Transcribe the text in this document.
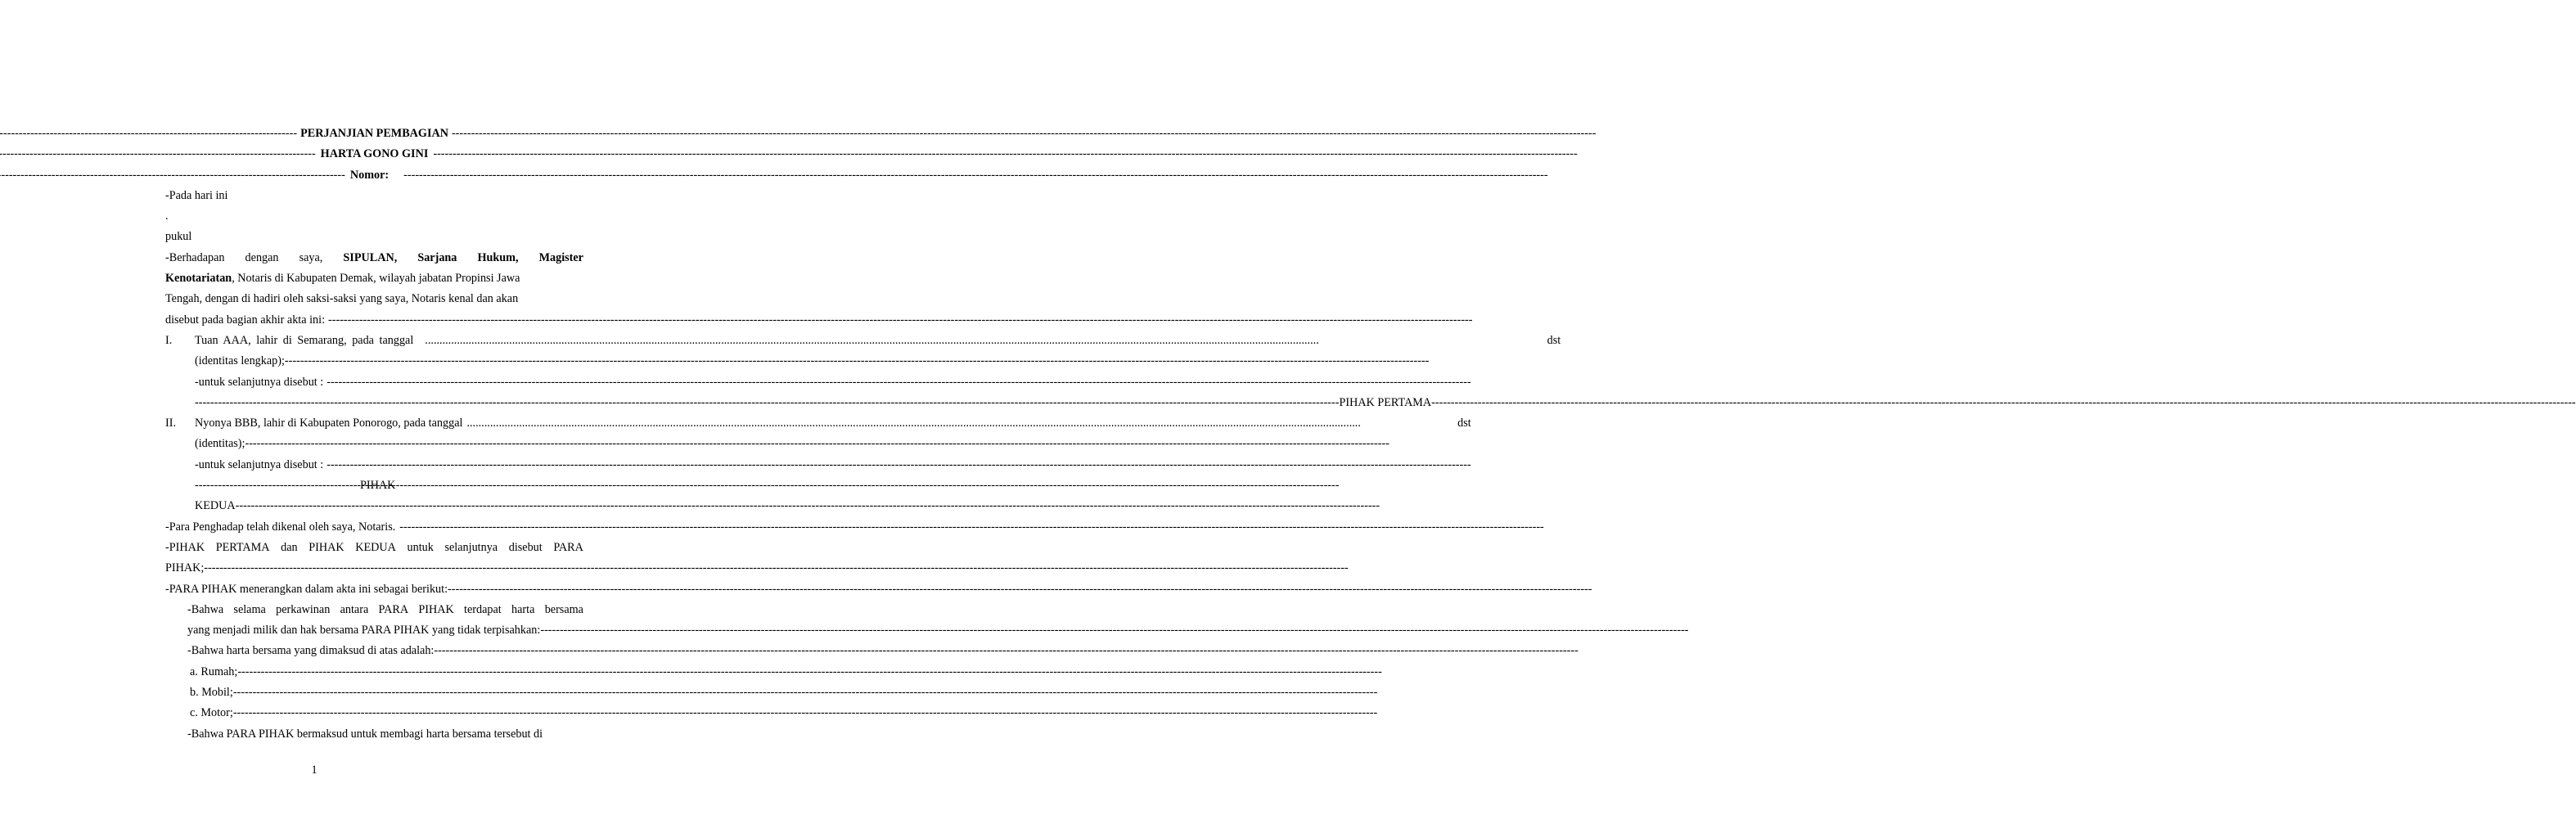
-----
PERJANJIAN PEMBAGIAN
-----
-----
HARTA GONO GINI
-----
-----
Nomor:
-----
-Pada hari ini
.
pukul
-Berhadapan dengan saya, SIPULAN, Sarjana Hukum, Magister
Kenotariatan , Notaris di Kabupaten Demak, wilayah jabatan Propinsi Jawa
Tengah, dengan di hadiri oleh saksi-saksi yang saya, Notaris kenal dan akan
disebut pada bagian akhir akta ini:
-----
I.	Tuan AAA, lahir di Semarang, pada tanggal .....	dst
(identitas lengkap);
-----
-untuk selanjutnya disebut :
-----
-----
PIHAK PERTAMA
-----
II.	Nyonya BBB, lahir di Kabupaten Ponorogo, pada tanggal .....	dst
(identitas);
-----
-untuk selanjutnya disebut :
-----
-----
PIHAK
KEDUA
-----
-Para Penghadap telah dikenal oleh saya, Notaris.
-----
-PIHAK PERTAMA dan PIHAK KEDUA untuk selanjutnya disebut PARA
PIHAK;
-----
-PARA PIHAK menerangkan dalam akta ini sebagai berikut:
-----
-Bahwa selama perkawinan antara PARA PIHAK terdapat harta bersama
yang menjadi milik dan hak bersama PARA PIHAK yang tidak terpisahkan:-
-----
-Bahwa harta bersama yang dimaksud di atas adalah:
-----
a. Rumah;
-----
b. Mobil;
-----
c. Motor;
-----
-Bahwa PARA PIHAK bermaksud untuk membagi harta bersama tersebut di
1
